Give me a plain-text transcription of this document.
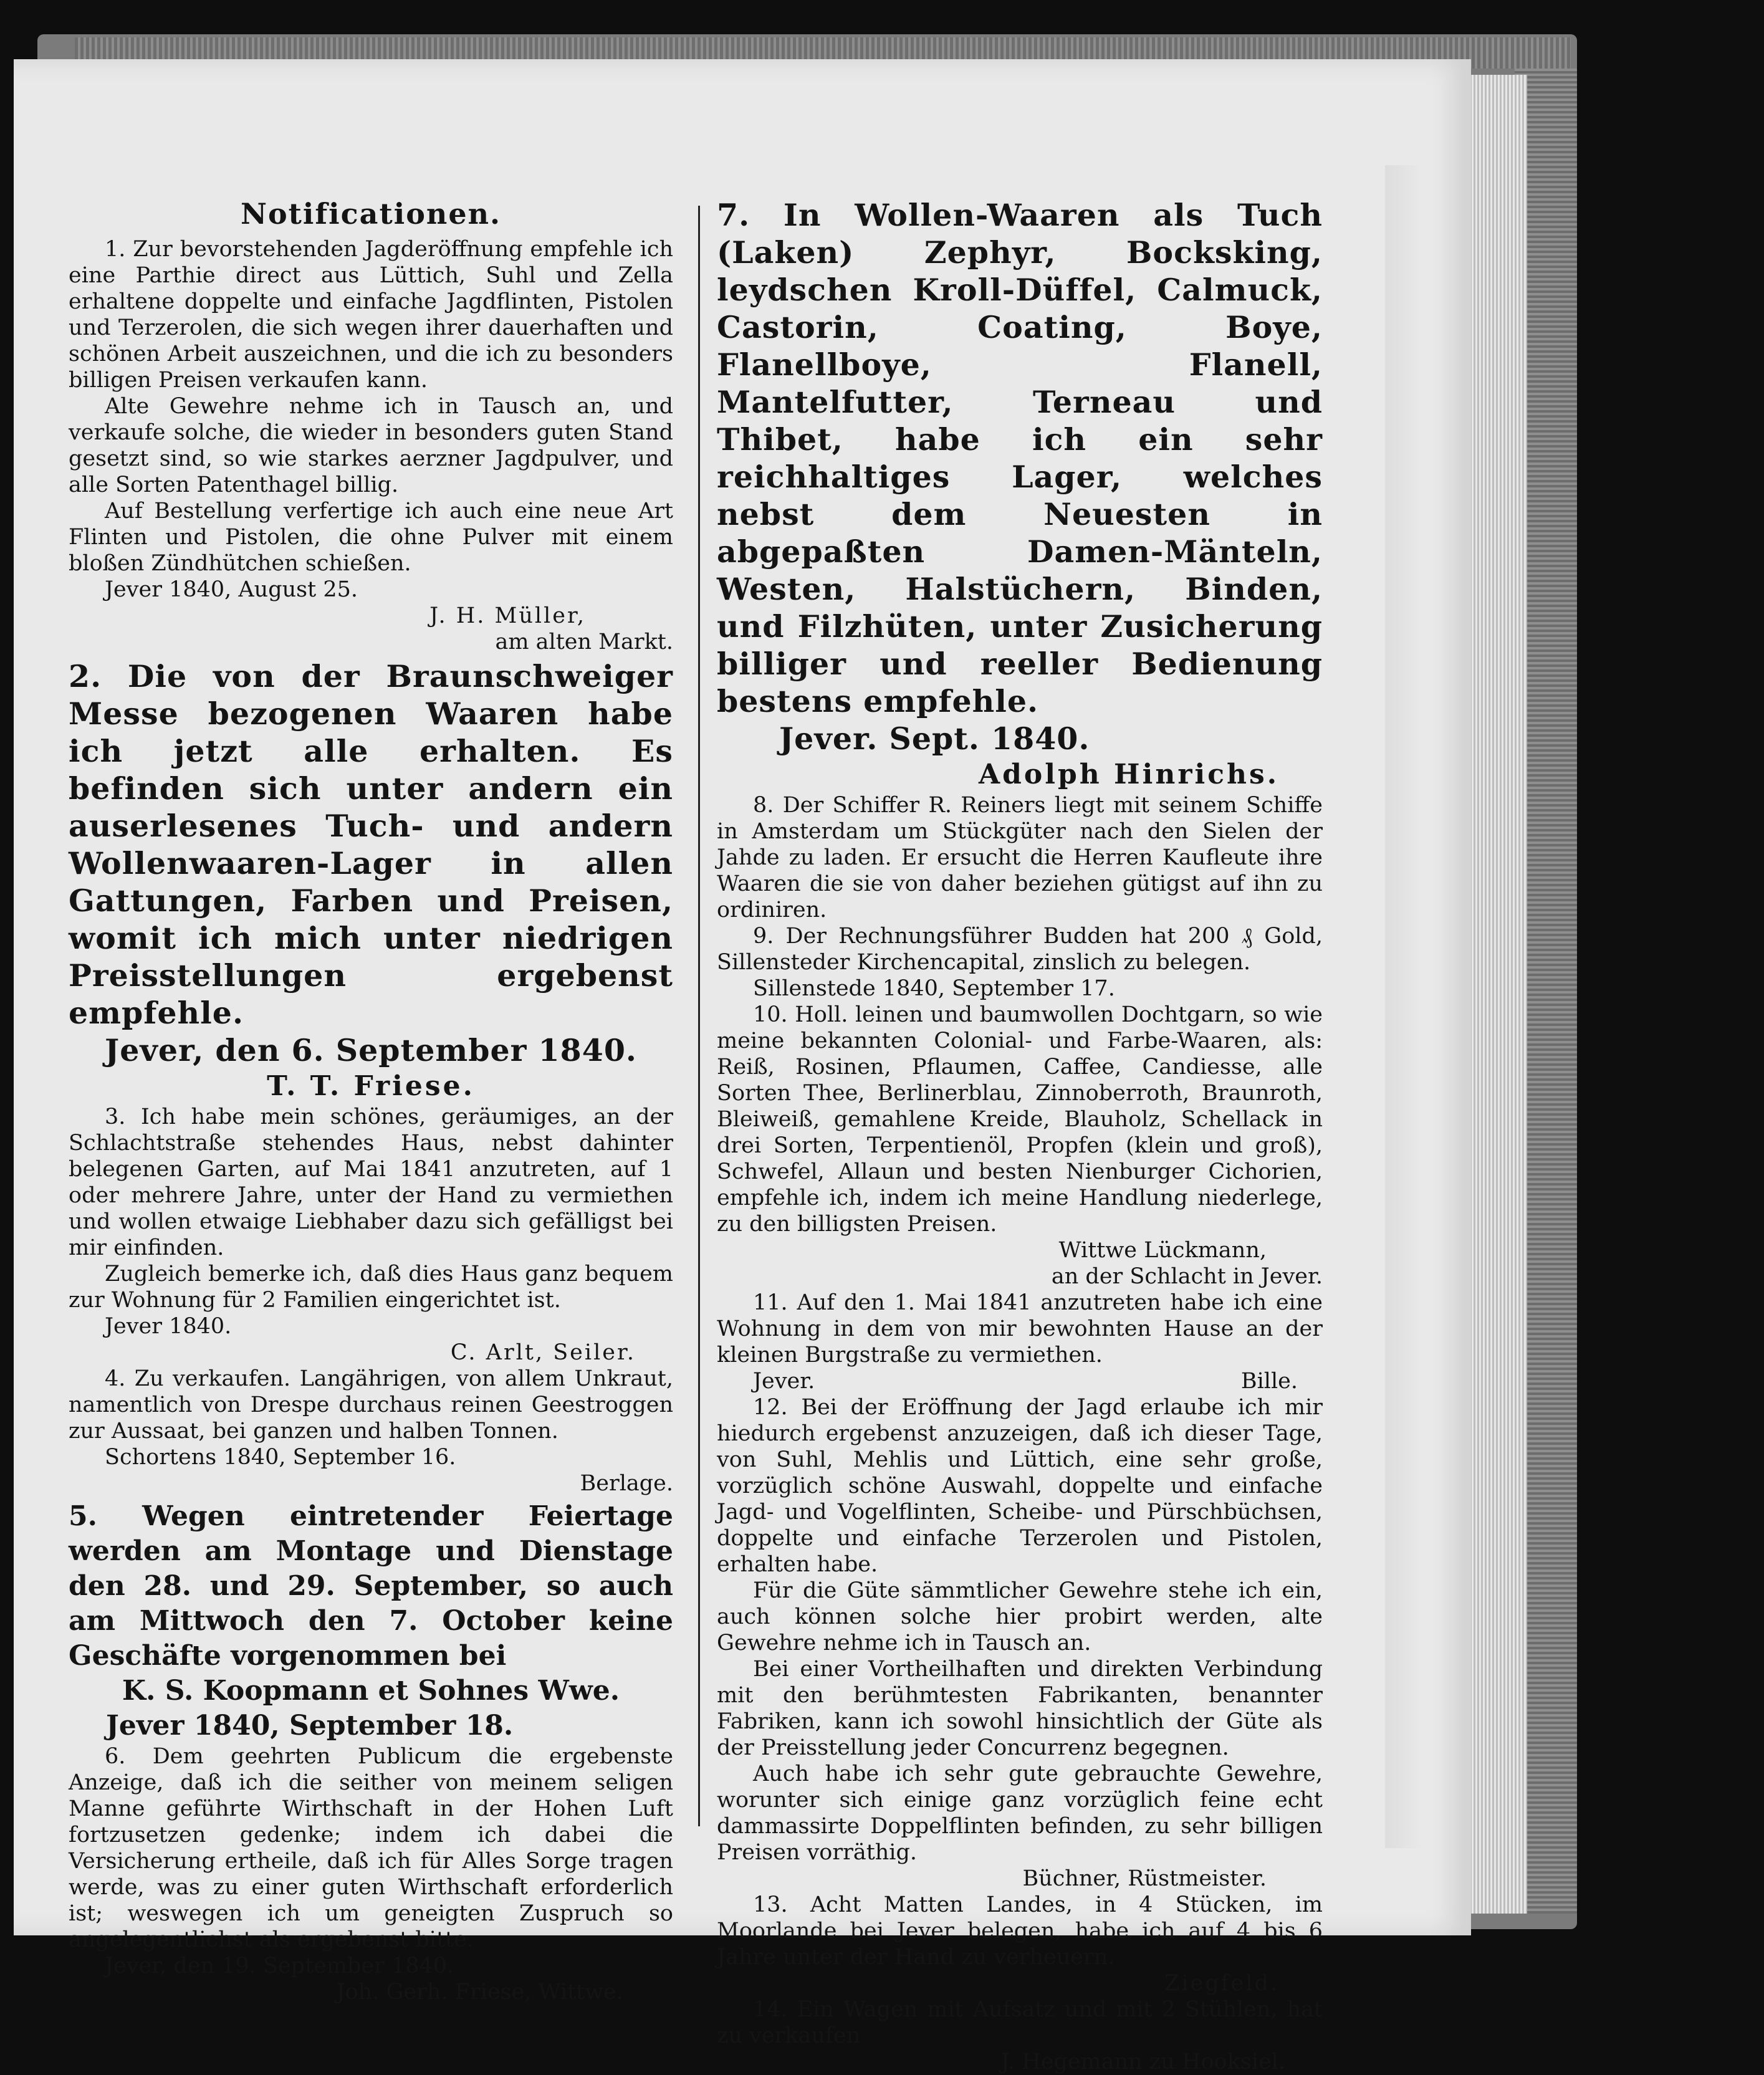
Notificationen.

1. Zur bevorstehenden Jagderöffnung empfehle ich eine Parthie direct aus Lüttich, Suhl und Zella erhaltene doppelte und einfache Jagdflinten, Pistolen und Terzerolen, die sich wegen ihrer dauerhaften und schönen Arbeit auszeichnen, und die ich zu besonders billigen Preisen verkaufen kann.

Alte Gewehre nehme ich in Tausch an, und verkaufe solche, die wieder in besonders guten Stand gesetzt sind, so wie starkes aerzner Jagdpulver, und alle Sorten Patenthagel billig.

Auf Bestellung verfertige ich auch eine neue Art Flinten und Pistolen, die ohne Pulver mit einem bloßen Zündhütchen schießen.

Jever 1840, August 25.

J. H. Müller,

am alten Markt.

2. Die von der Braunschweiger Messe bezogenen Waaren habe ich jetzt alle erhalten. Es befinden sich unter andern ein auserlesenes Tuch- und andern Wollenwaaren-Lager in allen Gattungen, Farben und Preisen, womit ich mich unter niedrigen Preisstellungen ergebenst empfehle.

Jever, den 6. September 1840.

T. T. Friese.

3. Ich habe mein schönes, geräumiges, an der Schlachtstraße stehendes Haus, nebst dahinter belegenen Garten, auf Mai 1841 anzutreten, auf 1 oder mehrere Jahre, unter der Hand zu vermiethen und wollen etwaige Liebhaber dazu sich gefälligst bei mir einfinden.

Zugleich bemerke ich, daß dies Haus ganz bequem zur Wohnung für 2 Familien eingerichtet ist.

Jever 1840.

C. Arlt, Seiler.

4. Zu verkaufen. Langährigen, von allem Unkraut, namentlich von Drespe durchaus reinen Geestroggen zur Aussaat, bei ganzen und halben Tonnen.

Schortens 1840, September 16.

Berlage.

5. Wegen eintretender Feiertage werden am Montage und Dienstage den 28. und 29. September, so auch am Mittwoch den 7. October keine Geschäfte vorgenommen bei

K. S. Koopmann et Sohnes Wwe.

Jever 1840, September 18.

6. Dem geehrten Publicum die ergebenste Anzeige, daß ich die seither von meinem seligen Manne geführte Wirthschaft in der Hohen Luft fortzusetzen gedenke; indem ich dabei die Versicherung ertheile, daß ich für Alles Sorge tragen werde, was zu einer guten Wirthschaft erforderlich ist; weswegen ich um geneigten Zuspruch so angelegentlichst als ergebenst bitte.

Jever, den 19. September 1840.

Joh. Gerh. Friese, Wittwe.

7. In Wollen-Waaren als Tuch (Laken) Zephyr, Bocksking, leydschen Kroll-Düffel, Calmuck, Castorin, Coating, Boye, Flanellboye, Flanell, Mantelfutter, Terneau und Thibet, habe ich ein sehr reichhaltiges Lager, welches nebst dem Neuesten in abgepaßten Damen-Mänteln, Westen, Halstüchern, Binden, und Filzhüten, unter Zusicherung billiger und reeller Bedienung bestens empfehle.

Jever. Sept. 1840.

Adolph Hinrichs.

8. Der Schiffer R. Reiners liegt mit seinem Schiffe in Amsterdam um Stückgüter nach den Sielen der Jahde zu laden. Er ersucht die Herren Kaufleute ihre Waaren die sie von daher beziehen gütigst auf ihn zu ordiniren.

9. Der Rechnungsführer Budden hat 200 ₰ Gold, Sillensteder Kirchencapital, zinslich zu belegen.

Sillenstede 1840, September 17.

10. Holl. leinen und baumwollen Dochtgarn, so wie meine bekannten Colonial- und Farbe-Waaren, als: Reiß, Rosinen, Pflaumen, Caffee, Candiesse, alle Sorten Thee, Berlinerblau, Zinnoberroth, Braunroth, Bleiweiß, gemahlene Kreide, Blauholz, Schellack in drei Sorten, Terpentienöl, Propfen (klein und groß), Schwefel, Allaun und besten Nienburger Cichorien, empfehle ich, indem ich meine Handlung niederlege, zu den billigsten Preisen.

Wittwe Lückmann,

an der Schlacht in Jever.

11. Auf den 1. Mai 1841 anzutreten habe ich eine Wohnung in dem von mir bewohnten Hause an der kleinen Burgstraße zu vermiethen.

Jever.	Bille.

12. Bei der Eröffnung der Jagd erlaube ich mir hiedurch ergebenst anzuzeigen, daß ich dieser Tage, von Suhl, Mehlis und Lüttich, eine sehr große, vorzüglich schöne Auswahl, doppelte und einfache Jagd- und Vogelflinten, Scheibe- und Pürschbüchsen, doppelte und einfache Terzerolen und Pistolen, erhalten habe.

Für die Güte sämmtlicher Gewehre stehe ich ein, auch können solche hier probirt werden, alte Gewehre nehme ich in Tausch an.

Bei einer Vortheilhaften und direkten Verbindung mit den berühmtesten Fabrikanten, benannter Fabriken, kann ich sowohl hinsichtlich der Güte als der Preisstellung jeder Concurrenz begegnen.

Auch habe ich sehr gute gebrauchte Gewehre, worunter sich einige ganz vorzüglich feine echt dammassirte Doppelflinten befinden, zu sehr billigen Preisen vorräthig.

Büchner, Rüstmeister.

13. Acht Matten Landes, in 4 Stücken, im Moorlande bei Jever belegen, habe ich auf 4 bis 6 Jahre unter der Hand zu verheuern.

Ziegfeld.

14. Ein Wagen mit Aufsatz und mit 2 Stühlen, hat zu verkaufen

J. Hegemann zu Hooksiel.
